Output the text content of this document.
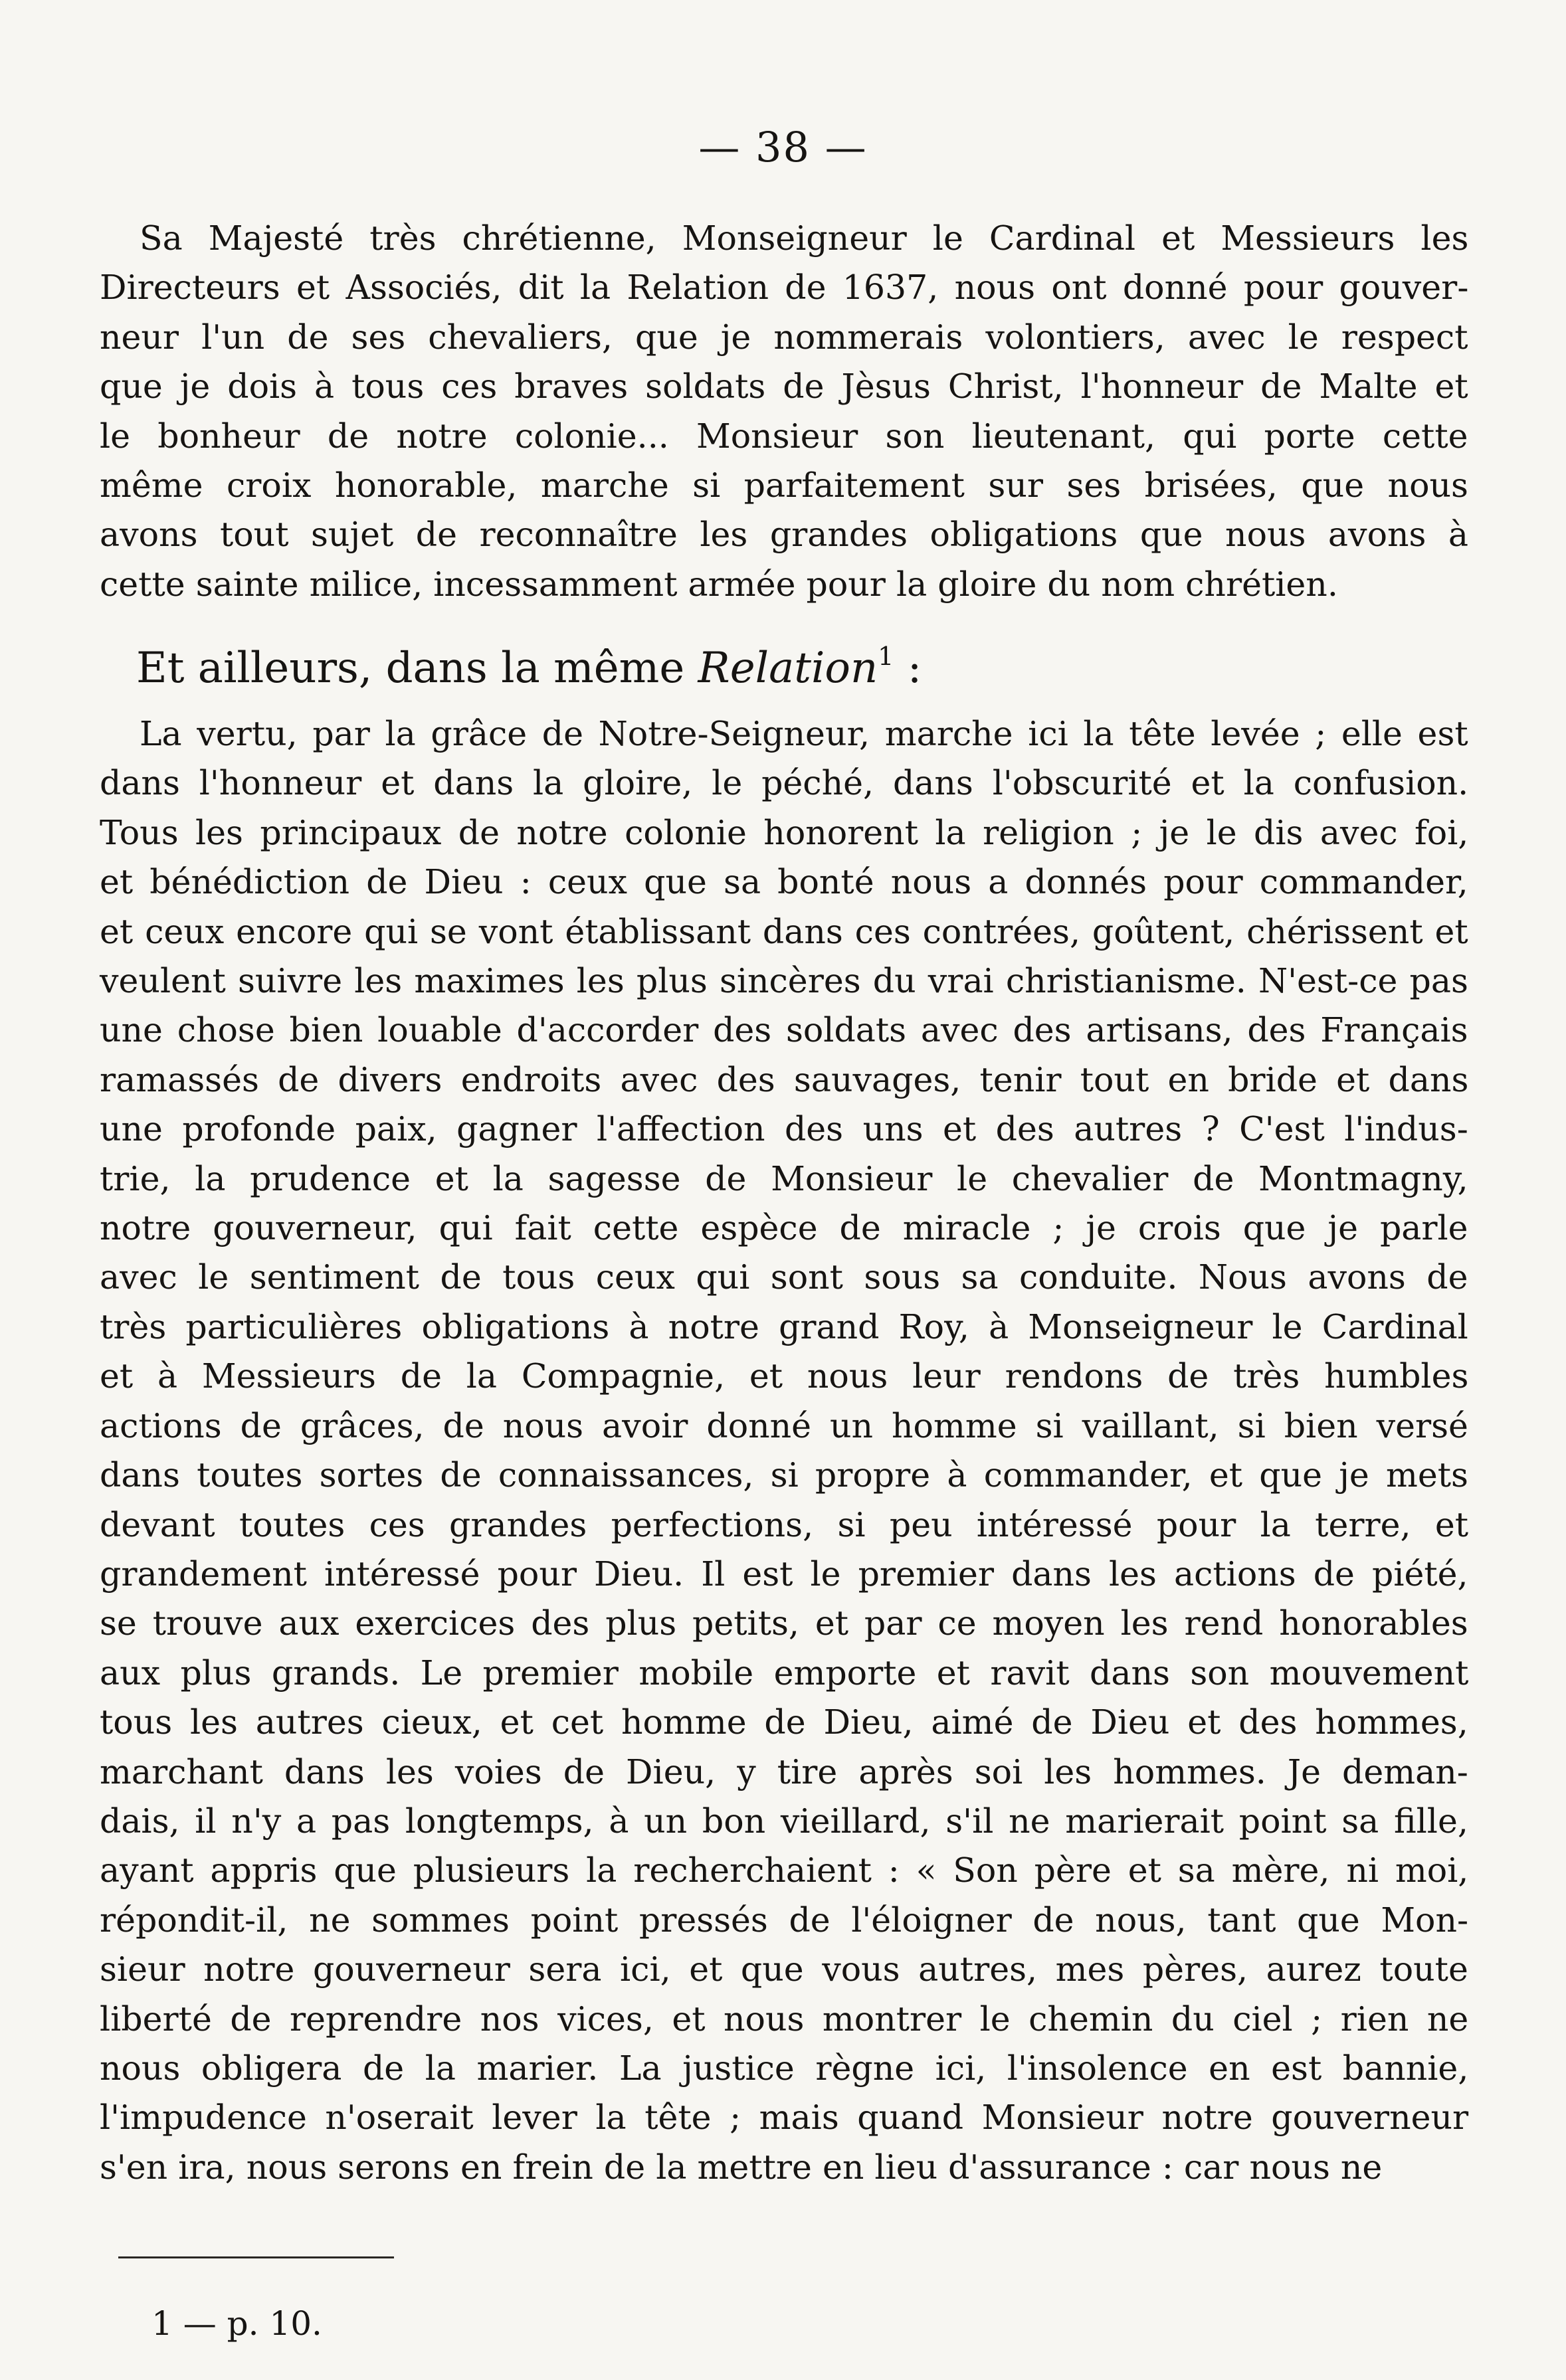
— 38 —
Sa Majesté très chrétienne, Monseigneur le Cardinal et Messieurs les
Directeurs et Associés, dit la Relation de 1637, nous ont donné pour gouver-
neur l'un de ses chevaliers, que je nommerais volontiers, avec le respect
que je dois à tous ces braves soldats de Jèsus Christ, l'honneur de Malte et
le bonheur de notre colonie... Monsieur son lieutenant, qui porte cette
même croix honorable, marche si parfaitement sur ses brisées, que nous
avons tout sujet de reconnaître les grandes obligations que nous avons à
cette sainte milice, incessamment armée pour la gloire du nom chrétien.
Et ailleurs, dans la même Relation$^1$ :
La vertu, par la grâce de Notre-Seigneur, marche ici la tête levée ; elle est
dans l'honneur et dans la gloire, le péché, dans l'obscurité et la confusion.
Tous les principaux de notre colonie honorent la religion ; je le dis avec foi,
et bénédiction de Dieu : ceux que sa bonté nous a donnés pour commander,
et ceux encore qui se vont établissant dans ces contrées, goûtent, chérissent et
veulent suivre les maximes les plus sincères du vrai christianisme. N'est-ce pas
une chose bien louable d'accorder des soldats avec des artisans, des Français
ramassés de divers endroits avec des sauvages, tenir tout en bride et dans
une profonde paix, gagner l'affection des uns et des autres ? C'est l'indus-
trie, la prudence et la sagesse de Monsieur le chevalier de Montmagny,
notre gouverneur, qui fait cette espèce de miracle ; je crois que je parle
avec le sentiment de tous ceux qui sont sous sa conduite. Nous avons de
très particulières obligations à notre grand Roy, à Monseigneur le Cardinal
et à Messieurs de la Compagnie, et nous leur rendons de très humbles
actions de grâces, de nous avoir donné un homme si vaillant, si bien versé
dans toutes sortes de connaissances, si propre à commander, et que je mets
devant toutes ces grandes perfections, si peu intéressé pour la terre, et
grandement intéressé pour Dieu. Il est le premier dans les actions de piété,
se trouve aux exercices des plus petits, et par ce moyen les rend honorables
aux plus grands. Le premier mobile emporte et ravit dans son mouvement
tous les autres cieux, et cet homme de Dieu, aimé de Dieu et des hommes,
marchant dans les voies de Dieu, y tire après soi les hommes. Je deman-
dais, il n'y a pas longtemps, à un bon vieillard, s'il ne marierait point sa fille,
ayant appris que plusieurs la recherchaient : « Son père et sa mère, ni moi,
répondit-il, ne sommes point pressés de l'éloigner de nous, tant que Mon-
sieur notre gouverneur sera ici, et que vous autres, mes pères, aurez toute
liberté de reprendre nos vices, et nous montrer le chemin du ciel ; rien ne
nous obligera de la marier. La justice règne ici, l'insolence en est bannie,
l'impudence n'oserait lever la tête ; mais quand Monsieur notre gouverneur
s'en ira, nous serons en frein de la mettre en lieu d'assurance : car nous ne
1 — p. 10.
